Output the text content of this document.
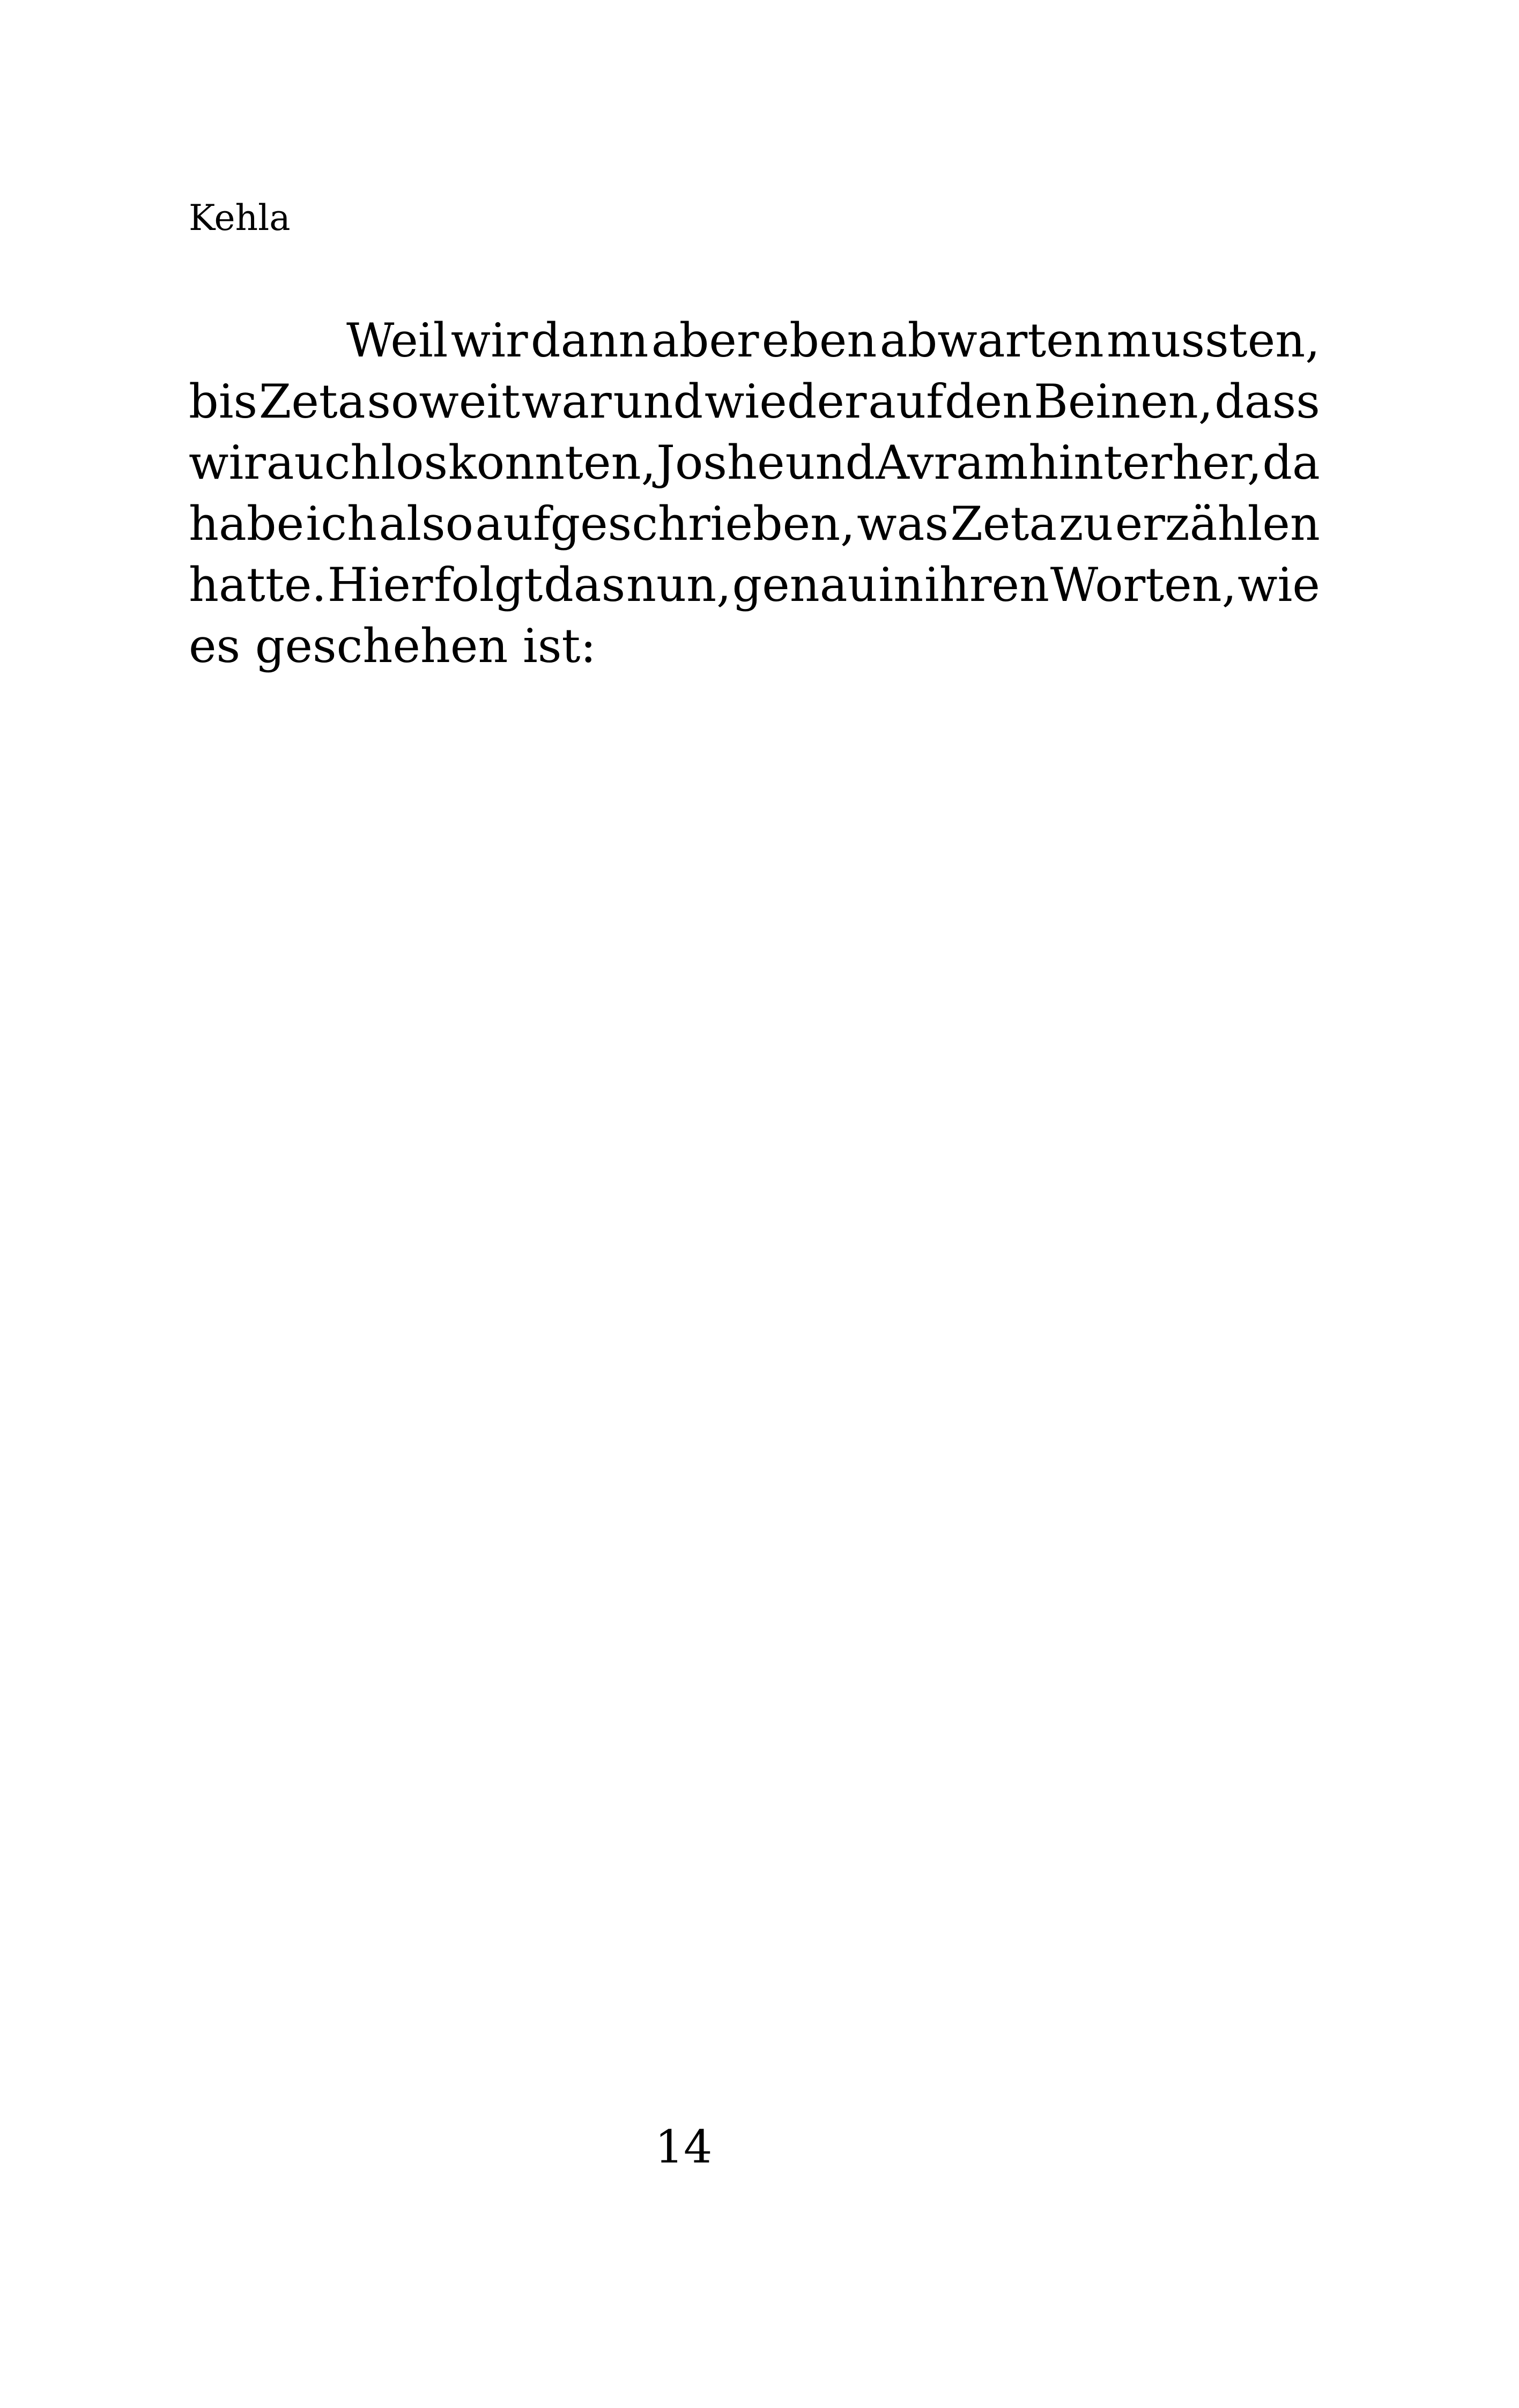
Kehla
Weil wir dann aber eben abwarten mussten,
bis Zeta soweit war und wieder auf den Beinen, dass
wir auch los konnten, Joshe und Avram hinterher, da
habe ich also aufgeschrieben, was Zeta zu erzählen
hatte. Hier folgt das nun, genau in ihren Worten, wie
es geschehen ist:
14
